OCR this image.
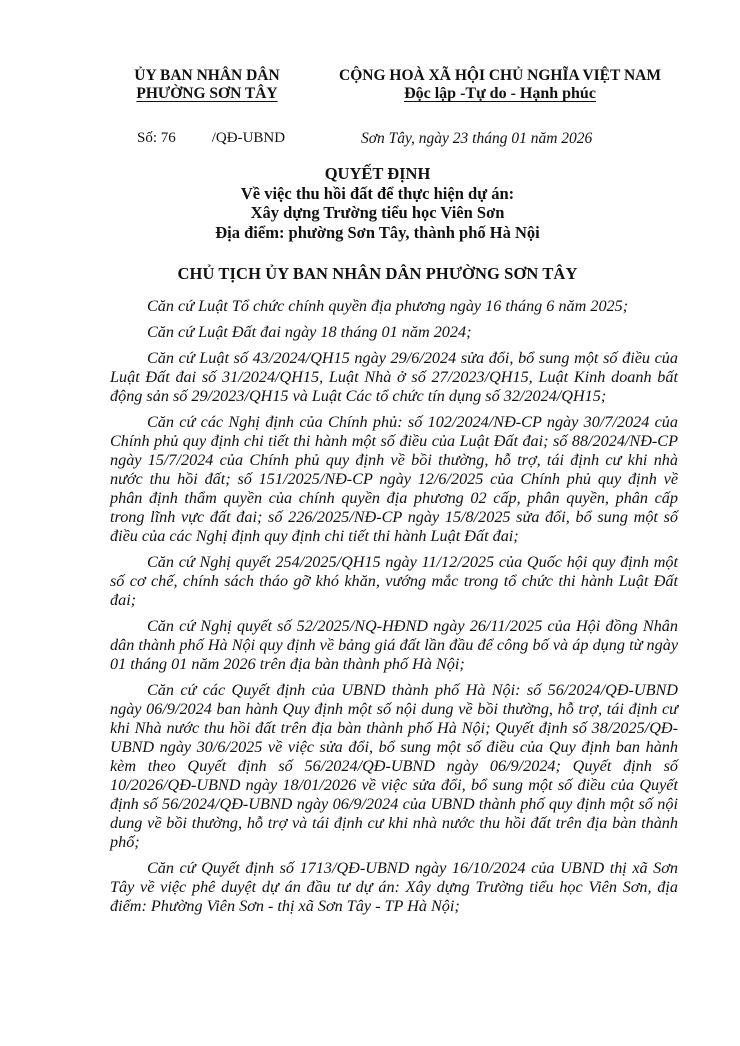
ỦY BAN NHÂN DÂN
PHƯỜNG SƠN TÂY
CỘNG HOÀ XÃ HỘI CHỦ NGHĨA VIỆT NAM
Độc lập -Tự do - Hạnh phúc
Số: 76 /QĐ-UBND	Sơn Tây, ngày 23 tháng 01 năm 2026
QUYẾT ĐỊNH
Về việc thu hồi đất để thực hiện dự án:
Xây dựng Trường tiểu học Viên Sơn
Địa điểm: phường Sơn Tây, thành phố Hà Nội
CHỦ TỊCH ỦY BAN NHÂN DÂN PHƯỜNG SƠN TÂY

Căn cứ Luật Tổ chức chính quyền địa phương ngày 16 tháng 6 năm 2025;

Căn cứ Luật Đất đai ngày 18 tháng 01 năm 2024;

Căn cứ Luật số 43/2024/QH15 ngày 29/6/2024 sửa đổi, bổ sung một số điều của Luật Đất đai số 31/2024/QH15, Luật Nhà ở số 27/2023/QH15, Luật Kinh doanh bất động sản số 29/2023/QH15 và Luật Các tổ chức tín dụng số 32/2024/QH15;

Căn cứ các Nghị định của Chính phủ: số 102/2024/NĐ-CP ngày 30/7/2024 của Chính phủ quy định chi tiết thi hành một số điều của Luật Đất đai; số 88/2024/NĐ-CP ngày 15/7/2024 của Chính phủ quy định về bồi thường, hỗ trợ, tái định cư khi nhà nước thu hồi đất; số 151/2025/NĐ-CP ngày 12/6/2025 của Chính phủ quy định về phân định thẩm quyền của chính quyền địa phương 02 cấp, phân quyền, phân cấp trong lĩnh vực đất đai; số 226/2025/NĐ-CP ngày 15/8/2025 sửa đổi, bổ sung một số điều của các Nghị định quy định chi tiết thi hành Luật Đất đai;

Căn cứ Nghị quyết 254/2025/QH15 ngày 11/12/2025 của Quốc hội quy định một số cơ chế, chính sách tháo gỡ khó khăn, vướng mắc trong tổ chức thi hành Luật Đất đai;

Căn cứ Nghị quyết số 52/2025/NQ-HĐND ngày 26/11/2025 của Hội đồng Nhân dân thành phố Hà Nội quy định về bảng giá đất lần đầu để công bố và áp dụng từ ngày 01 tháng 01 năm 2026 trên địa bàn thành phố Hà Nội;

Căn cứ các Quyết định của UBND thành phố Hà Nội: số 56/2024/QĐ-UBND ngày 06/9/2024 ban hành Quy định một số nội dung về bồi thường, hỗ trợ, tái định cư khi Nhà nước thu hồi đất trên địa bàn thành phố Hà Nội; Quyết định số 38/2025/QĐ-UBND ngày 30/6/2025 về việc sửa đổi, bổ sung một số điều của Quy định ban hành kèm theo Quyết định số 56/2024/QĐ-UBND ngày 06/9/2024; Quyết định số 10/2026/QĐ-UBND ngày 18/01/2026 về việc sửa đổi, bổ sung một số điều của Quyết định số 56/2024/QĐ-UBND ngày 06/9/2024 của UBND thành phố quy định một số nội dung về bồi thường, hỗ trợ và tái định cư khi nhà nước thu hồi đất trên địa bàn thành phố;

Căn cứ Quyết định số 1713/QĐ-UBND ngày 16/10/2024 của UBND thị xã Sơn Tây về việc phê duyệt dự án đầu tư dự án: Xây dựng Trường tiểu học Viên Sơn, địa điểm: Phường Viên Sơn - thị xã Sơn Tây - TP Hà Nội;
